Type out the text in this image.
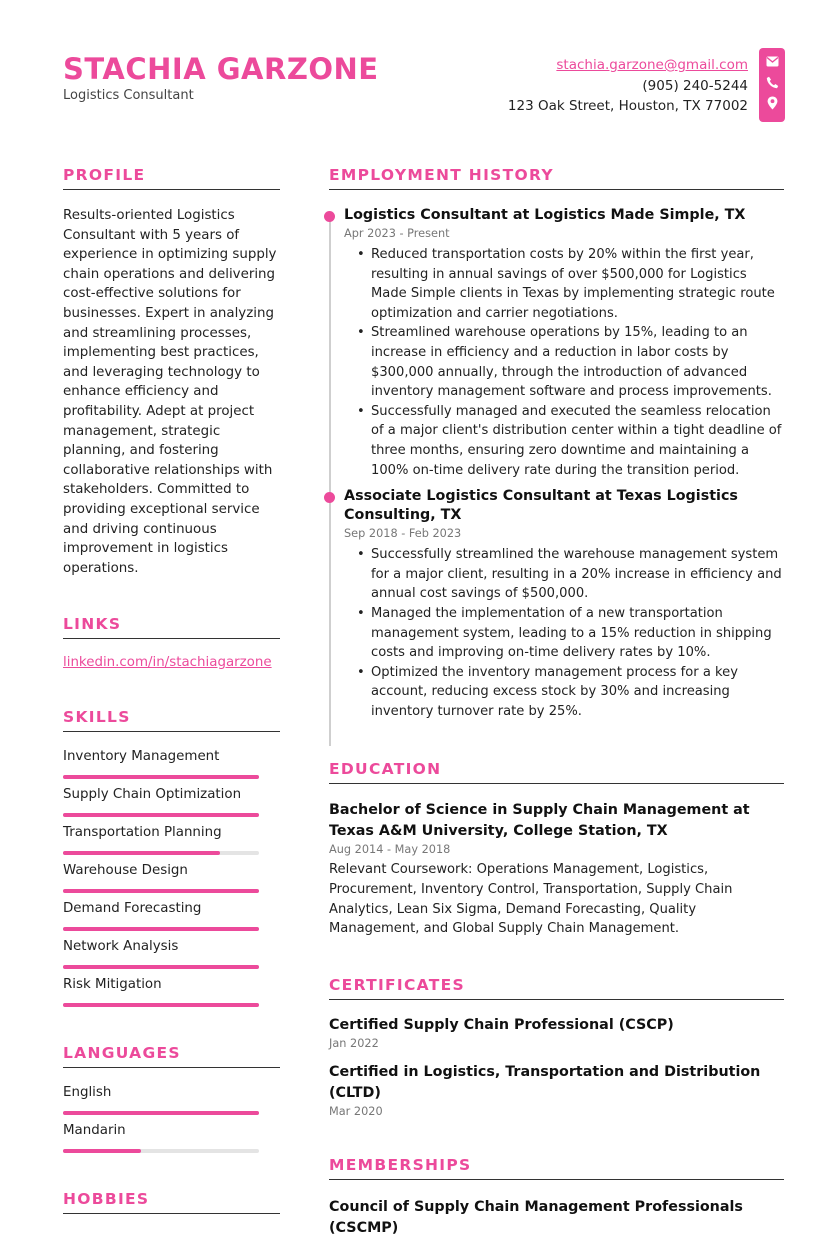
STACHIA GARZONE
Logistics Consultant
stachia.garzone@gmail.com
(905) 240-5244
123 Oak Street, Houston, TX 77002
PROFILE
Results-oriented Logistics Consultant with 5 years of experience in optimizing supply chain operations and delivering cost-effective solutions for businesses. Expert in analyzing and streamlining processes, implementing best practices, and leveraging technology to enhance efficiency and profitability. Adept at project management, strategic planning, and fostering collaborative relationships with stakeholders. Committed to providing exceptional service and driving continuous improvement in logistics operations.
LINKS
linkedin.com/in/stachiagarzone
SKILLS
Inventory Management
Supply Chain Optimization
Transportation Planning
Warehouse Design
Demand Forecasting
Network Analysis
Risk Mitigation
LANGUAGES
English
Mandarin
HOBBIES
EMPLOYMENT HISTORY
Logistics Consultant at Logistics Made Simple, TX
Apr 2023 - Present
• Reduced transportation costs by 20% within the first year, resulting in annual savings of over $500,000 for Logistics Made Simple clients in Texas by implementing strategic route optimization and carrier negotiations.
• Streamlined warehouse operations by 15%, leading to an increase in efficiency and a reduction in labor costs by $300,000 annually, through the introduction of advanced inventory management software and process improvements.
• Successfully managed and executed the seamless relocation of a major client's distribution center within a tight deadline of three months, ensuring zero downtime and maintaining a 100% on-time delivery rate during the transition period.
Associate Logistics Consultant at Texas Logistics Consulting, TX
Sep 2018 - Feb 2023
• Successfully streamlined the warehouse management system for a major client, resulting in a 20% increase in efficiency and annual cost savings of $500,000.
• Managed the implementation of a new transportation management system, leading to a 15% reduction in shipping costs and improving on-time delivery rates by 10%.
• Optimized the inventory management process for a key account, reducing excess stock by 30% and increasing inventory turnover rate by 25%.
EDUCATION
Bachelor of Science in Supply Chain Management at Texas A&M University, College Station, TX
Aug 2014 - May 2018
Relevant Coursework: Operations Management, Logistics, Procurement, Inventory Control, Transportation, Supply Chain Analytics, Lean Six Sigma, Demand Forecasting, Quality Management, and Global Supply Chain Management.
CERTIFICATES
Certified Supply Chain Professional (CSCP)
Jan 2022
Certified in Logistics, Transportation and Distribution (CLTD)
Mar 2020
MEMBERSHIPS
Council of Supply Chain Management Professionals (CSCMP)
